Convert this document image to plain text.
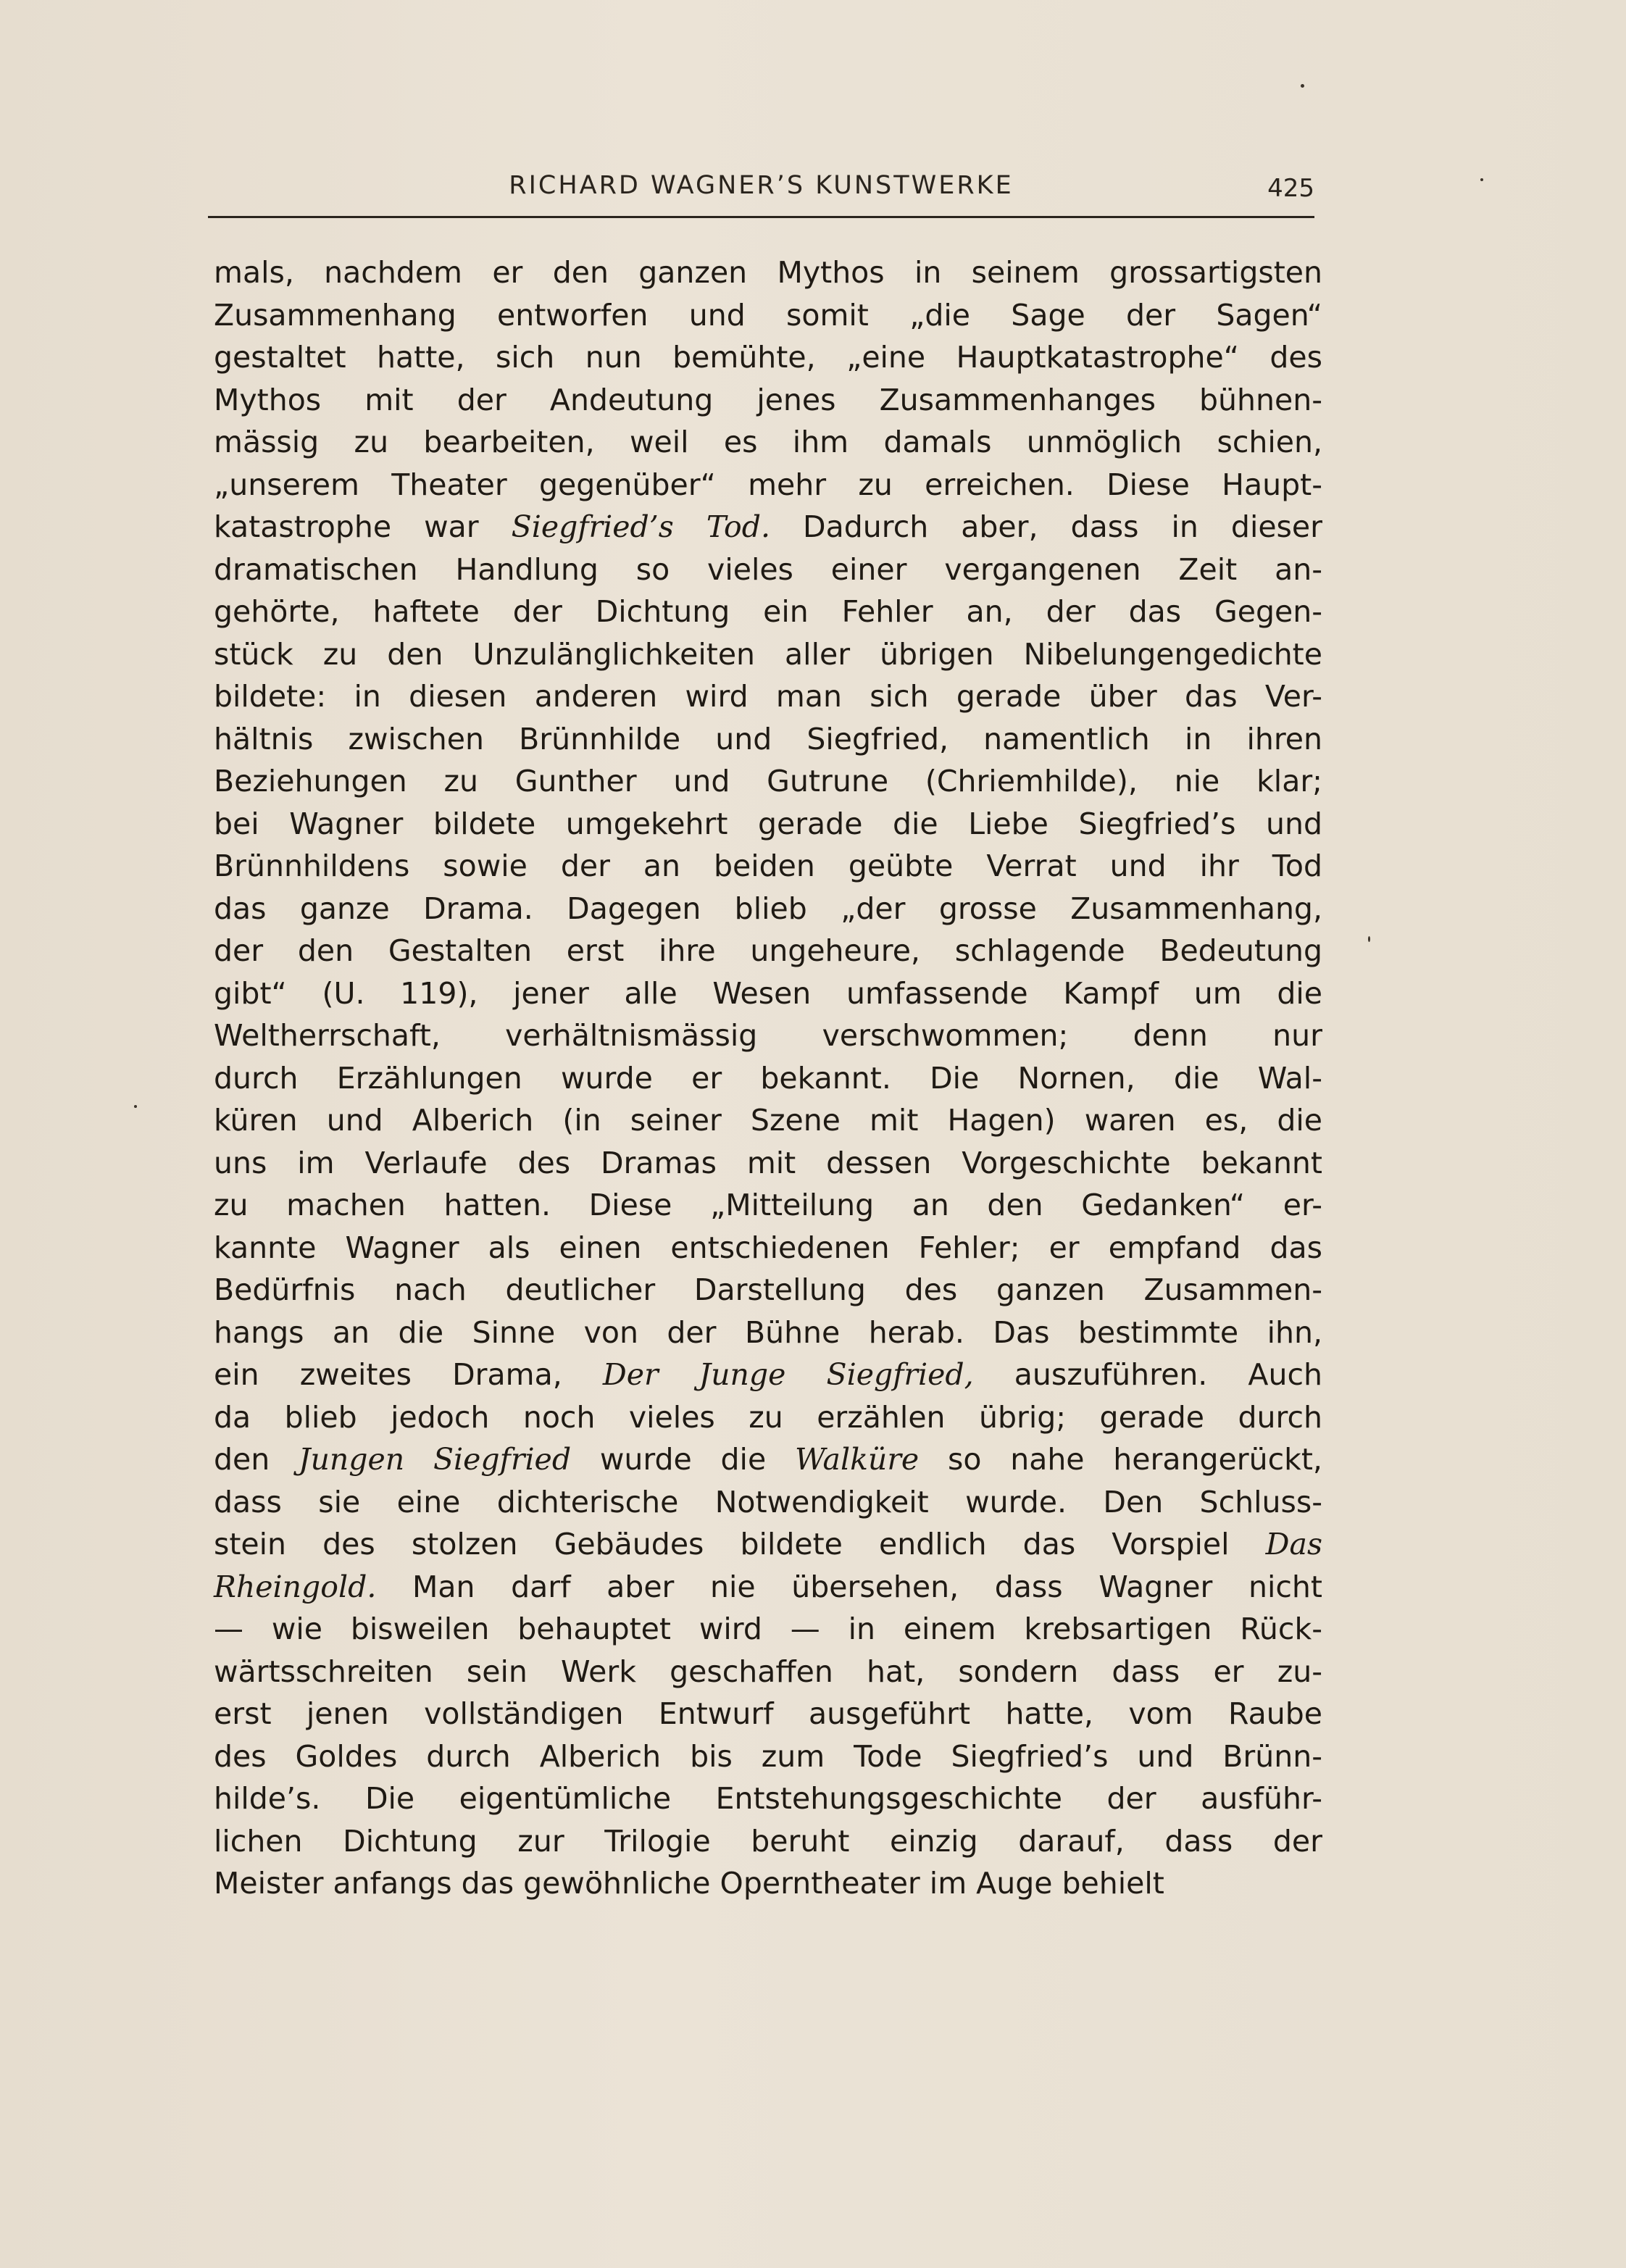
RICHARD WAGNER’S KUNSTWERKE	425
mals, nachdem er den ganzen Mythos in seinem grossartigsten
Zusammenhang entworfen und somit „die Sage der Sagen“
gestaltet hatte, sich nun bemühte, „eine Hauptkatastrophe“ des
Mythos mit der Andeutung jenes Zusammenhanges bühnen-
mässig zu bearbeiten, weil es ihm damals unmöglich schien,
„unserem Theater gegenüber“ mehr zu erreichen. Diese Haupt-
katastrophe war Siegfried’s Tod. Dadurch aber, dass in dieser
dramatischen Handlung so vieles einer vergangenen Zeit an-
gehörte, haftete der Dichtung ein Fehler an, der das Gegen-
stück zu den Unzulänglichkeiten aller übrigen Nibelungengedichte
bildete: in diesen anderen wird man sich gerade über das Ver-
hältnis zwischen Brünnhilde und Siegfried, namentlich in ihren
Beziehungen zu Gunther und Gutrune (Chriemhilde), nie klar;
bei Wagner bildete umgekehrt gerade die Liebe Siegfried’s und
Brünnhildens sowie der an beiden geübte Verrat und ihr Tod
das ganze Drama. Dagegen blieb „der grosse Zusammenhang,
der den Gestalten erst ihre ungeheure, schlagende Bedeutung
gibt“ (U. 119), jener alle Wesen umfassende Kampf um die
Weltherrschaft, verhältnismässig verschwommen; denn nur
durch Erzählungen wurde er bekannt. Die Nornen, die Wal-
küren und Alberich (in seiner Szene mit Hagen) waren es, die
uns im Verlaufe des Dramas mit dessen Vorgeschichte bekannt
zu machen hatten. Diese „Mitteilung an den Gedanken“ er-
kannte Wagner als einen entschiedenen Fehler; er empfand das
Bedürfnis nach deutlicher Darstellung des ganzen Zusammen-
hangs an die Sinne von der Bühne herab. Das bestimmte ihn,
ein zweites Drama, Der Junge Siegfried, auszuführen. Auch
da blieb jedoch noch vieles zu erzählen übrig; gerade durch
den Jungen Siegfried wurde die Walküre so nahe herangerückt,
dass sie eine dichterische Notwendigkeit wurde. Den Schluss-
stein des stolzen Gebäudes bildete endlich das Vorspiel Das
Rheingold. Man darf aber nie übersehen, dass Wagner nicht
— wie bisweilen behauptet wird — in einem krebsartigen Rück-
wärtsschreiten sein Werk geschaffen hat, sondern dass er zu-
erst jenen vollständigen Entwurf ausgeführt hatte, vom Raube
des Goldes durch Alberich bis zum Tode Siegfried’s und Brünn-
hilde’s. Die eigentümliche Entstehungsgeschichte der ausführ-
lichen Dichtung zur Trilogie beruht einzig darauf, dass der
Meister anfangs das gewöhnliche Operntheater im Auge behielt
